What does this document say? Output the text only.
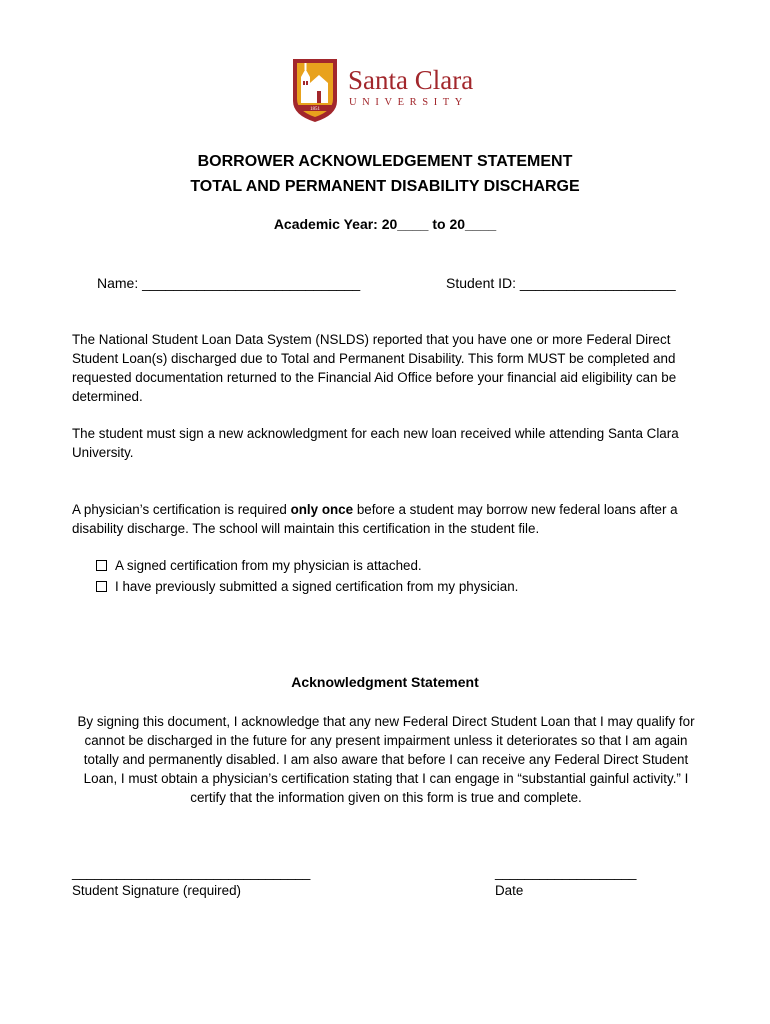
1851
Santa Clara
UNIVERSITY
BORROWER ACKNOWLEDGEMENT STATEMENT
TOTAL AND PERMANENT DISABILITY DISCHARGE
Academic Year: 20____ to 20____
Name: ____________________________	Student ID: ____________________

The National Student Loan Data System (NSLDS) reported that you have one or more Federal Direct Student Loan(s) discharged due to Total and Permanent Disability. This form MUST be completed and requested documentation returned to the Financial Aid Office before your financial aid eligibility can be determined.

The student must sign a new acknowledgment for each new loan received while attending Santa Clara University.

A physician’s certification is required only once before a student may borrow new federal loans after a disability discharge. The school will maintain this certification in the student file.

A signed certification from my physician is attached.
I have previously submitted a signed certification from my physician.
Acknowledgment Statement

By signing this document, I acknowledge that any new Federal Direct Student Loan that I may qualify for cannot be discharged in the future for any present impairment unless it deteriorates so that I am again totally and permanently disabled. I am also aware that before I can receive any Federal Direct Student Loan, I must obtain a physician’s certification stating that I can engage in “substantial gainful activity.” I certify that the information given on this form is true and complete.

________________________________
Student Signature (required)
___________________
Date
